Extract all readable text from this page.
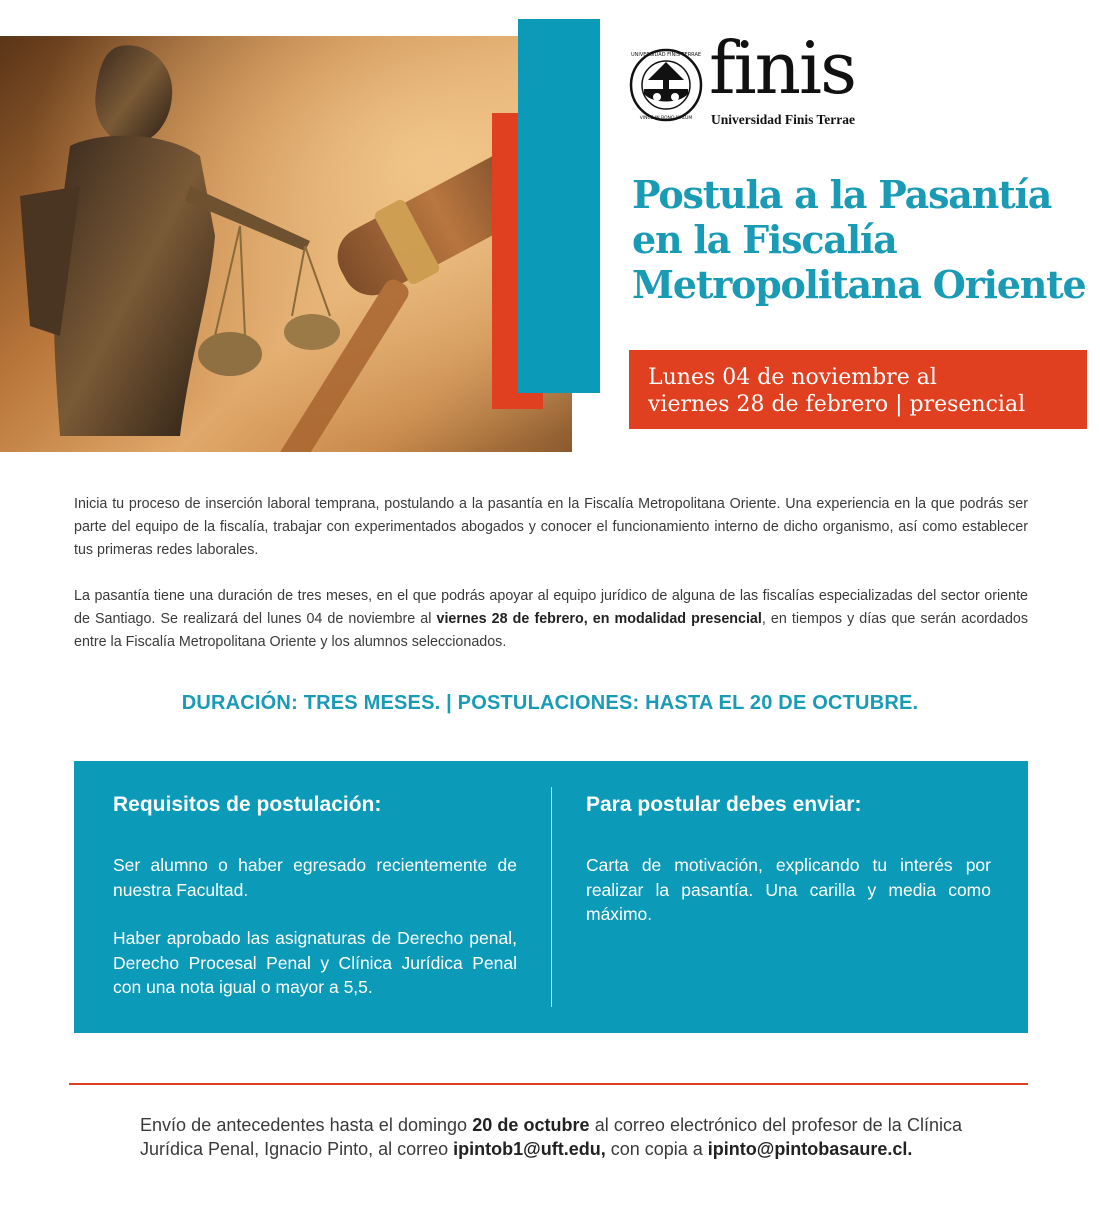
UNIVERSIDAD FINIS TERRAE
VINCE IN BONO MALUM
finis
Universidad Finis Terrae
Postula a la Pasantía
en la Fiscalía
Metropolitana Oriente
Lunes 04 de noviembre al
viernes 28 de febrero | presencial

Inicia tu proceso de inserción laboral temprana, postulando a la pasantía en la Fiscalía Metropolitana Oriente. Una experiencia en la que podrás ser parte del equipo de la fiscalía, trabajar con experimentados abogados y conocer el funcionamiento interno de dicho organismo, así como establecer tus primeras redes laborales.

La pasantía tiene una duración de tres meses, en el que podrás apoyar al equipo jurídico de alguna de las fiscalías especializadas del sector oriente de Santiago. Se realizará del lunes 04 de noviembre al viernes 28 de febrero, en modalidad presencial, en tiempos y días que serán acordados entre la Fiscalía Metropolitana Oriente y los alumnos seleccionados.

DURACIÓN: TRES MESES. | POSTULACIONES: HASTA EL 20 DE OCTUBRE.
Requisitos de postulación:

Ser alumno o haber egresado recientemente de nuestra Facultad.

Haber aprobado las asignaturas de Derecho penal, Derecho Procesal Penal y Clínica Jurídica Penal con una nota igual o mayor a 5,5.

Para postular debes enviar:

Carta de motivación, explicando tu interés por realizar la pasantía. Una carilla y media como máximo.

Envío de antecedentes hasta el domingo 20 de octubre al correo electrónico del profesor de la Clínica Jurídica Penal, Ignacio Pinto, al correo ipintob1@uft.edu, con copia a ipinto@pintobasaure.cl.
